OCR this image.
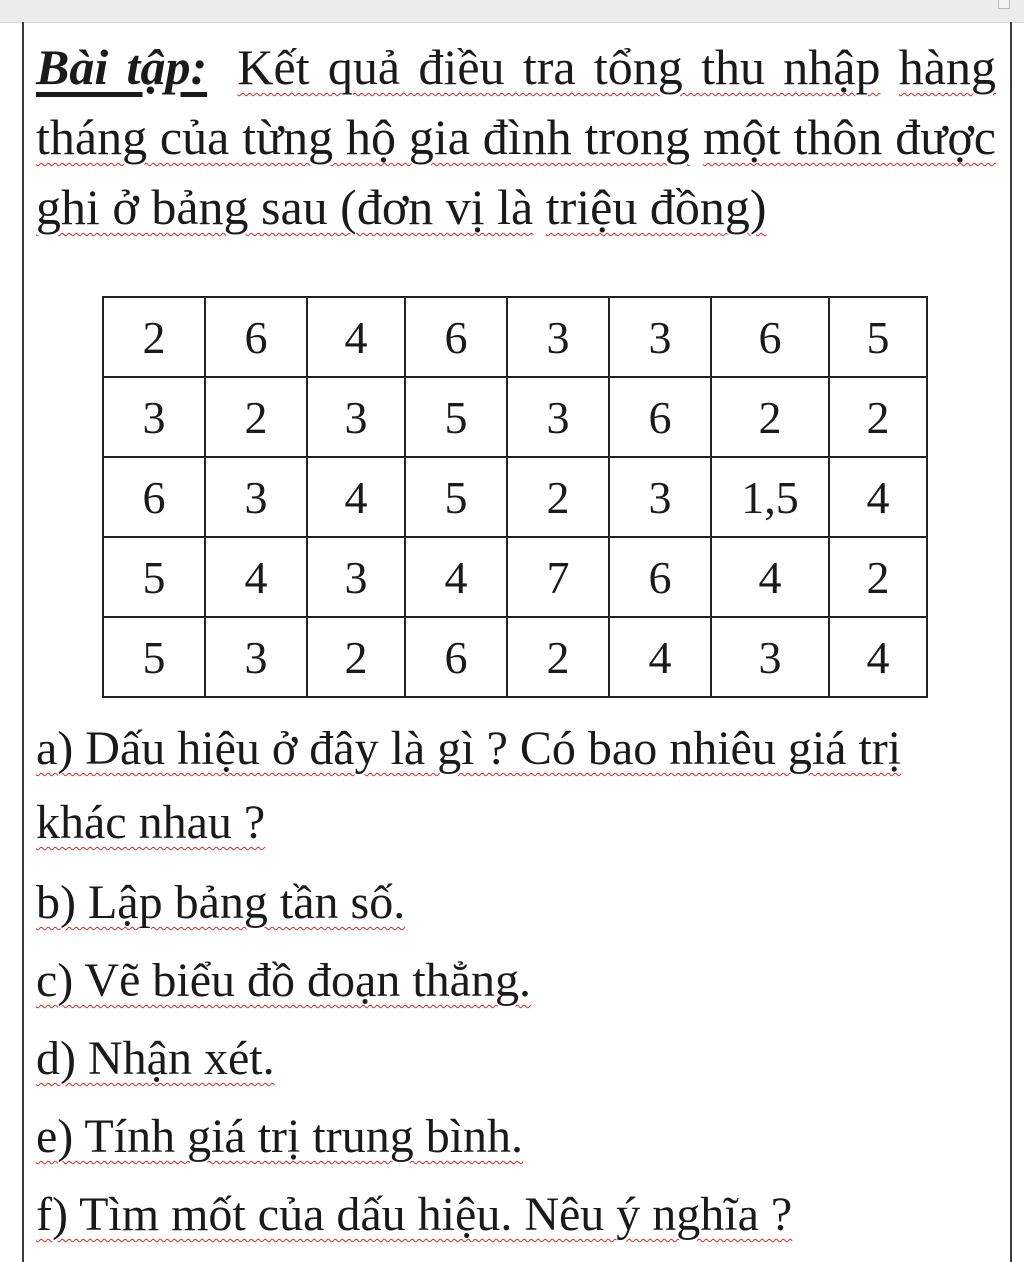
Bài tập: Kết quả điều tra tổng thu nhập hàng tháng của từng hộ gia đình trong một thôn được ghi ở bảng sau (đơn vị là triệu đồng)

2	6	4	6	3	3	6	5
3	2	3	5	3	6	2	2
6	3	4	5	2	3	1,5	4
5	4	3	4	7	6	4	2
5	3	2	6	2	4	3	4

a) Dấu hiệu ở đây là gì ? Có bao nhiêu giá trị khác nhau ?

b) Lập bảng tần số.

c) Vẽ biểu đồ đoạn thẳng.

d) Nhận xét.

e) Tính giá trị trung bình.

f) Tìm mốt của dấu hiệu. Nêu ý nghĩa ?
